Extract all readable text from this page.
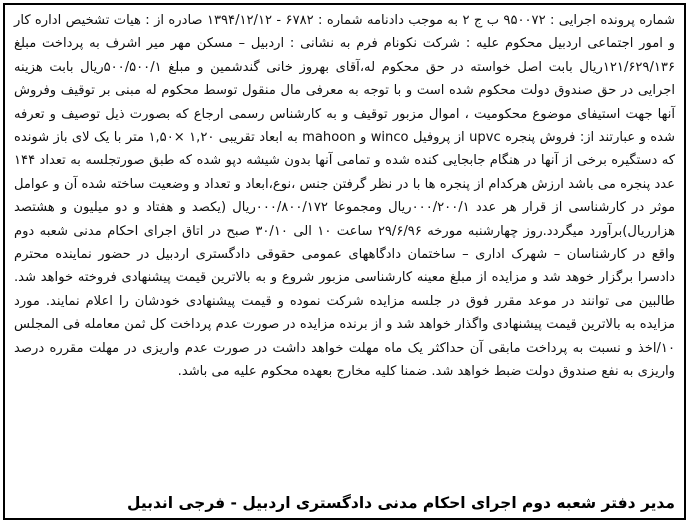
شماره پرونده اجرایی : ۹۵۰۰۷۲ ب ج ۲ به موجب دادنامه شماره : ۶۷۸۲ - ۱۳۹۴/۱۲/۱۲ صادره از : هیات تشخیص اداره کار و امور اجتماعی اردبیل محکوم علیه : شرکت نکونام فرم به نشانی : اردبیل – مسکن مهر میر اشرف به پرداخت مبلغ ۱۲۱/۶۲۹/۱۳۶ریال بابت اصل خواسته در حق محکوم له،آقای بهروز خانی گندشمین و مبلغ ۵۰۰/۵۰۰/۱ریال بابت هزینه اجرایی در حق صندوق دولت محکوم شده است و با توجه به معرفی مال منقول توسط محکوم له مبنی بر توقیف وفروش آنها جهت استیفای موضوع محکومیت ، اموال مزبور توقیف و به کارشناس رسمی ارجاع که بصورت ذیل توصیف و تعرفه شده و عبارتند از: فروش پنجره upvc از پروفیل winco و mahoon به ابعاد تقریبی ۱,۲۰ ×۱,۵۰ متر با یک لای باز شونده که دستگیره برخی از آنها در هنگام جابجایی کنده شده و تمامی آنها بدون شیشه دپو شده که طبق صورتجلسه به تعداد ۱۴۴ عدد پنجره می باشد ارزش هرکدام از پنجره ها با در نظر گرفتن جنس ،نوع،ابعاد و تعداد و وضعیت ساخته شده آن و عوامل موثر در کارشناسی از قرار هر عدد ۰۰۰/۲۰۰/۱ریال ومجموعا ۰۰۰/۸۰۰/۱۷۲ریال (یکصد و هفتاد و دو میلیون و هشتصد هزارریال)برآورد میگردد.روز چهارشنبه مورخه ۲۹/۶/۹۶ ساعت ۱۰ الی ۳۰/۱۰ صبح در اتاق اجرای احکام مدنی شعبه دوم واقع در کارشناسان – شهرک اداری – ساختمان دادگاههای عمومی حقوقی دادگستری اردبیل در حضور نماینده محترم دادسرا برگزار خوهد شد و مزایده از مبلغ معینه کارشناسی مزبور شروع و به بالاترین قیمت پیشنهادی فروخته خواهد شد. طالبین می توانند در موعد مقرر فوق در جلسه مزایده شرکت نموده و قیمت پیشنهادی خودشان را اعلام نمایند. مورد مزایده به بالاترین قیمت پیشنهادی واگذار خواهد شد و از برنده مزایده در صورت عدم پرداخت کل ثمن معامله فی المجلس ۱۰/اخذ و نسبت به پرداخت مابقی آن حداکثر یک ماه مهلت خواهد داشت در صورت عدم واریزی در مهلت مقرره درصد واریزی به نفع صندوق دولت ضبط خواهد شد. ضمنا کلیه مخارج بعهده محکوم علیه می باشد.

مدیر دفتر شعبه دوم اجرای احکام مدنی دادگستری اردبیل - فرجی اندبیل
